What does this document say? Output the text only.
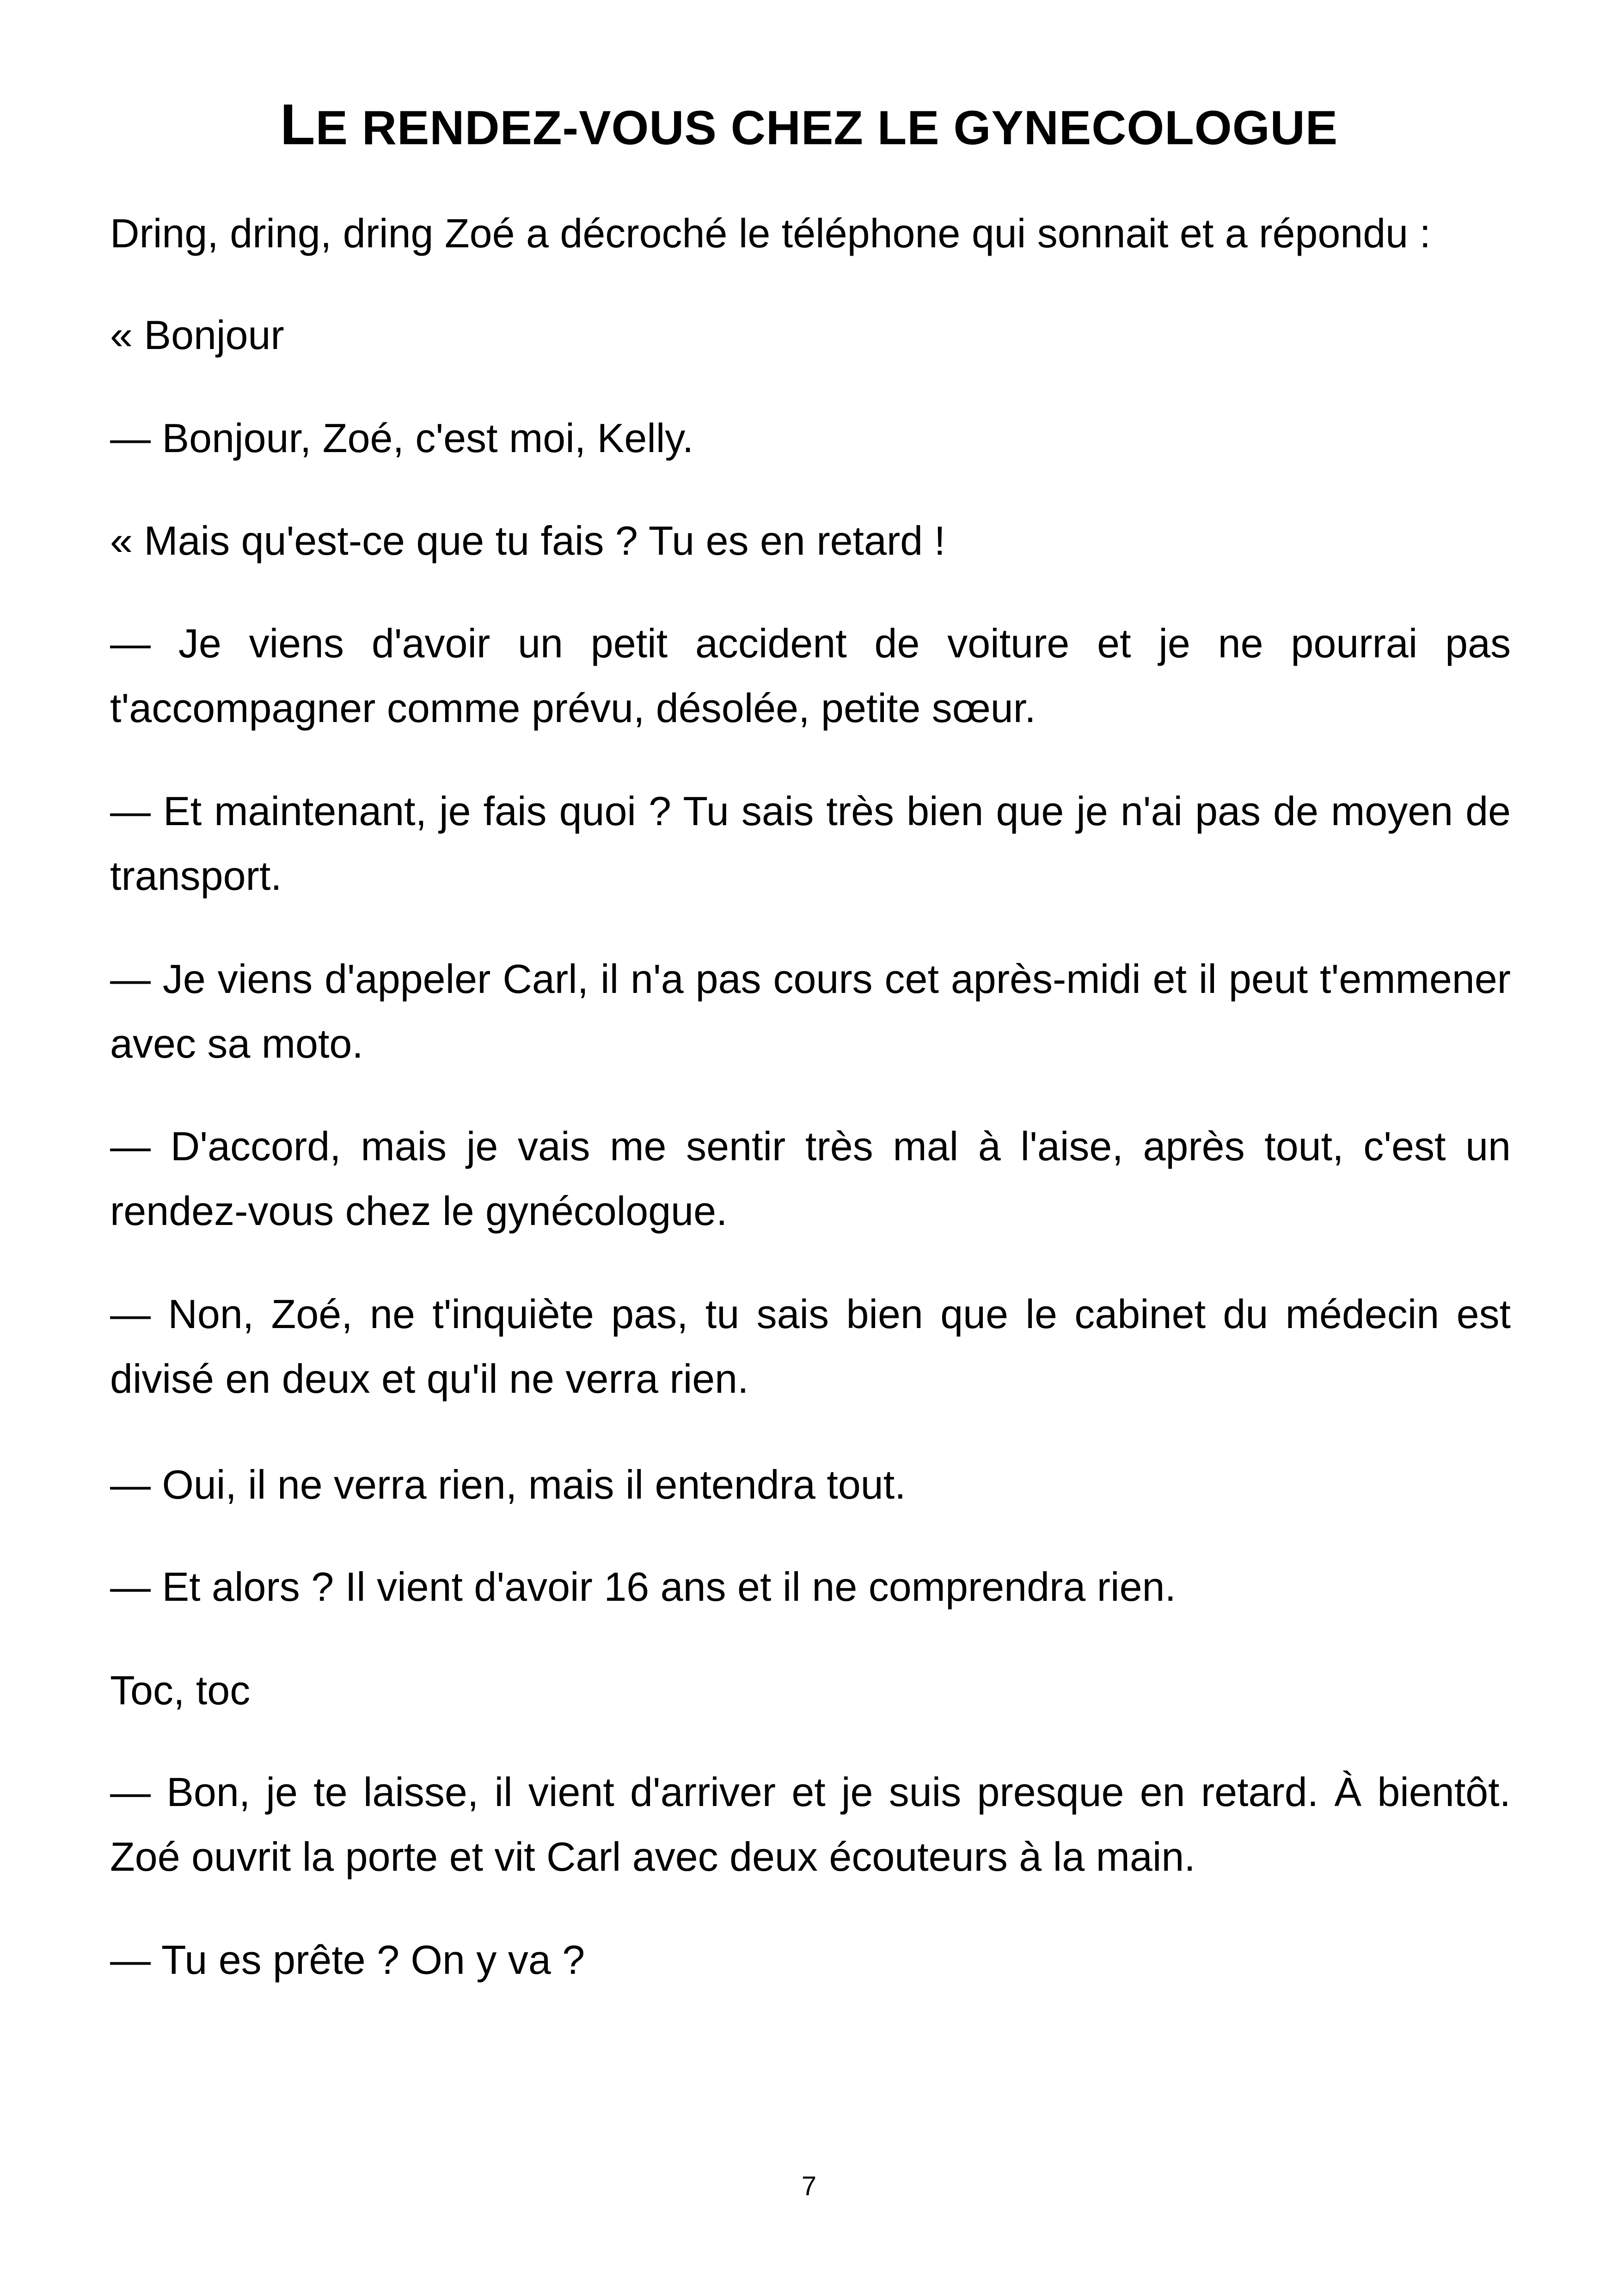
LE RENDEZ-VOUS CHEZ LE GYNECOLOGUE

Dring, dring, dring Zoé a décroché le téléphone qui sonnait et a répondu :

« Bonjour

— Bonjour, Zoé, c'est moi, Kelly.

« Mais qu'est-ce que tu fais ? Tu es en retard !

— Je viens d'avoir un petit accident de voiture et je ne pourrai pas t'accompagner comme prévu, désolée, petite sœur.

— Et maintenant, je fais quoi ? Tu sais très bien que je n'ai pas de moyen de transport.

— Je viens d'appeler Carl, il n'a pas cours cet après-midi et il peut t'emmener avec sa moto.

— D'accord, mais je vais me sentir très mal à l'aise, après tout, c'est un rendez-vous chez le gynécologue.

— Non, Zoé, ne t'inquiète pas, tu sais bien que le cabinet du médecin est divisé en deux et qu'il ne verra rien.

— Oui, il ne verra rien, mais il entendra tout.

— Et alors ? Il vient d'avoir 16 ans et il ne comprendra rien.

Toc, toc

— Bon, je te laisse, il vient d'arriver et je suis presque en retard. À bientôt. Zoé ouvrit la porte et vit Carl avec deux écouteurs à la main.

— Tu es prête ? On y va ?

7
